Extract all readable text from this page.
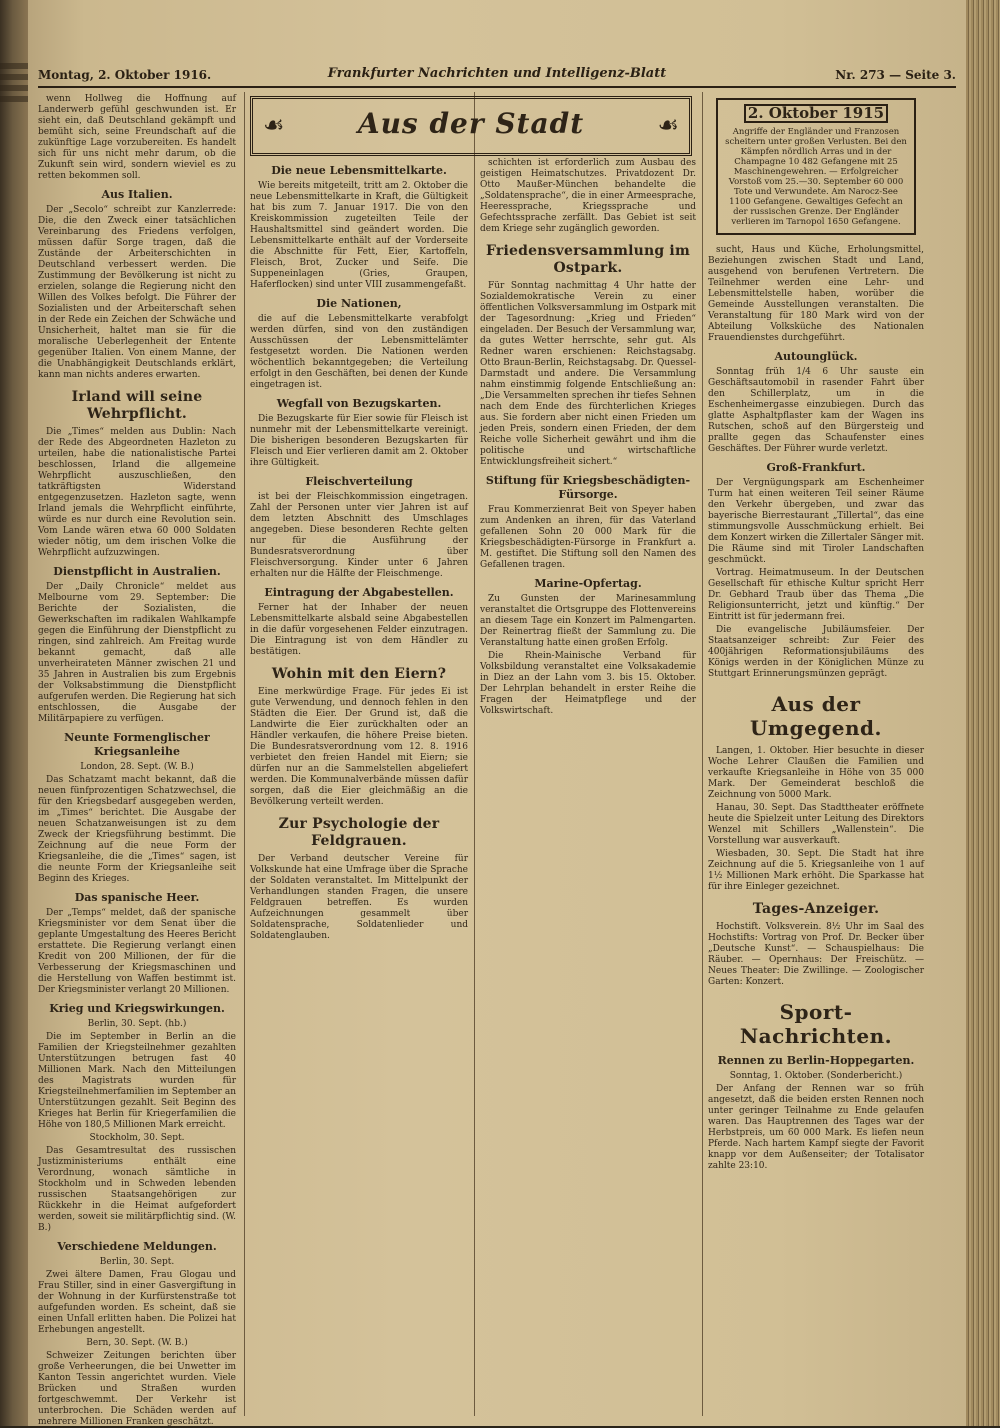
Montag, 2. Oktober 1916.	Frankfurter Nachrichten und Intelligenz-Blatt	Nr. 273 — Seite 3.

wenn Hollweg die Hoffnung auf Landerwerb gefühl geschwunden ist. Er sieht ein, daß Deutschland gekämpft und bemüht sich, seine Freundschaft auf die zukünftige Lage vorzubereiten. Es handelt sich für uns nicht mehr darum, ob die Zukunft sein wird, sondern wieviel es zu retten bekommen soll.

Aus Italien.

Der „Secolo“ schreibt zur Kanzlerrede: Die, die den Zweck einer tatsächlichen Vereinbarung des Friedens verfolgen, müssen dafür Sorge tragen, daß die Zustände der Arbeiterschichten in Deutschland verbessert werden. Die Zustimmung der Bevölkerung ist nicht zu erzielen, solange die Regierung nicht den Willen des Volkes befolgt. Die Führer der Sozialisten und der Arbeiterschaft sehen in der Rede ein Zeichen der Schwäche und Unsicherheit, haltet man sie für die moralische Ueberlegenheit der Entente gegenüber Italien. Von einem Manne, der die Unabhängigkeit Deutschlands erklärt, kann man nichts anderes erwarten.

Irland will seine Wehrpflicht.

Die „Times“ melden aus Dublin: Nach der Rede des Abgeordneten Hazleton zu urteilen, habe die nationalistische Partei beschlossen, Irland die allgemeine Wehrpflicht auszuschließen, den tatkräftigsten Widerstand entgegenzusetzen. Hazleton sagte, wenn Irland jemals die Wehrpflicht einführte, würde es nur durch eine Revolution sein. Vom Lande wären etwa 60 000 Soldaten wieder nötig, um dem irischen Volke die Wehrpflicht aufzuzwingen.

Dienstpflicht in Australien.

Der „Daily Chronicle“ meldet aus Melbourne vom 29. September: Die Berichte der Sozialisten, die Gewerkschaften im radikalen Wahlkampfe gegen die Einführung der Dienstpflicht zu ringen, sind zahlreich. Am Freitag wurde bekannt gemacht, daß alle unverheirateten Männer zwischen 21 und 35 Jahren in Australien bis zum Ergebnis der Volksabstimmung die Dienstpflicht aufgerufen werden. Die Regierung hat sich entschlossen, die Ausgabe der Militärpapiere zu verfügen.

Neunte Formenglischer Kriegsanleihe
London, 28. Sept. (W. B.)

Das Schatzamt macht bekannt, daß die neuen fünfprozentigen Schatzwechsel, die für den Kriegsbedarf ausgegeben werden, im „Times“ berichtet. Die Ausgabe der neuen Schatzanweisungen ist zu dem Zweck der Kriegsführung bestimmt. Die Zeichnung auf die neue Form der Kriegsanleihe, die die „Times“ sagen, ist die neunte Form der Kriegsanleihe seit Beginn des Krieges.

Das spanische Heer.

Der „Temps“ meldet, daß der spanische Kriegsminister vor dem Senat über die geplante Umgestaltung des Heeres Bericht erstattete. Die Regierung verlangt einen Kredit von 200 Millionen, der für die Verbesserung der Kriegsmaschinen und die Herstellung von Waffen bestimmt ist. Der Kriegsminister verlangt 20 Millionen.

Krieg und Kriegswirkungen.
Berlin, 30. Sept. (hb.)

Die im September in Berlin an die Familien der Kriegsteilnehmer gezahlten Unterstützungen betrugen fast 40 Millionen Mark. Nach den Mitteilungen des Magistrats wurden für Kriegsteilnehmerfamilien im September an Unterstützungen gezahlt. Seit Beginn des Krieges hat Berlin für Kriegerfamilien die Höhe von 180,5 Millionen Mark erreicht.

Stockholm, 30. Sept.

Das Gesamtresultat des russischen Justizministeriums enthält eine Verordnung, wonach sämtliche in Stockholm und in Schweden lebenden russischen Staatsangehörigen zur Rückkehr in die Heimat aufgefordert werden, soweit sie militärpflichtig sind. (W. B.)

Verschiedene Meldungen.
Berlin, 30. Sept.

Zwei ältere Damen, Frau Glogau und Frau Stiller, sind in einer Gasvergiftung in der Wohnung in der Kurfürstenstraße tot aufgefunden worden. Es scheint, daß sie einen Unfall erlitten haben. Die Polizei hat Erhebungen angestellt.

Bern, 30. Sept. (W. B.)

Schweizer Zeitungen berichten über große Verheerungen, die bei Unwetter im Kanton Tessin angerichtet wurden. Viele Brücken und Straßen wurden fortgeschwemmt. Der Verkehr ist unterbrochen. Die Schäden werden auf mehrere Millionen Franken geschätzt.

☙	Aus der Stadt	☙
Die neue Lebensmittelkarte.

Wie bereits mitgeteilt, tritt am 2. Oktober die neue Lebensmittelkarte in Kraft, die Gültigkeit hat bis zum 7. Januar 1917. Die von den Kreiskommission zugeteilten Teile der Haushaltsmittel sind geändert worden. Die Lebensmittelkarte enthält auf der Vorderseite die Abschnitte für Fett, Eier, Kartoffeln, Fleisch, Brot, Zucker und Seife. Die Suppeneinlagen (Gries, Graupen, Haferflocken) sind unter VIII zusammengefaßt.

Die Nationen,

die auf die Lebensmittelkarte verabfolgt werden dürfen, sind von den zuständigen Ausschüssen der Lebensmittelämter festgesetzt worden. Die Nationen werden wöchentlich bekanntgegeben; die Verteilung erfolgt in den Geschäften, bei denen der Kunde eingetragen ist.

Wegfall von Bezugskarten.

Die Bezugskarte für Eier sowie für Fleisch ist nunmehr mit der Lebensmittelkarte vereinigt. Die bisherigen besonderen Bezugskarten für Fleisch und Eier verlieren damit am 2. Oktober ihre Gültigkeit.

Fleischverteilung

ist bei der Fleischkommission eingetragen. Zahl der Personen unter vier Jahren ist auf dem letzten Abschnitt des Umschlages angegeben. Diese besonderen Rechte gelten nur für die Ausführung der Bundesratsverordnung über Fleischversorgung. Kinder unter 6 Jahren erhalten nur die Hälfte der Fleischmenge.

Eintragung der Abgabestellen.

Ferner hat der Inhaber der neuen Lebensmittelkarte alsbald seine Abgabestellen in die dafür vorgesehenen Felder einzutragen. Die Eintragung ist von dem Händler zu bestätigen.

Wohin mit den Eiern?

Eine merkwürdige Frage. Für jedes Ei ist gute Verwendung, und dennoch fehlen in den Städten die Eier. Der Grund ist, daß die Landwirte die Eier zurückhalten oder an Händler verkaufen, die höhere Preise bieten. Die Bundesratsverordnung vom 12. 8. 1916 verbietet den freien Handel mit Eiern; sie dürfen nur an die Sammelstellen abgeliefert werden. Die Kommunalverbände müssen dafür sorgen, daß die Eier gleichmäßig an die Bevölkerung verteilt werden.

Zur Psychologie der Feldgrauen.

Der Verband deutscher Vereine für Volkskunde hat eine Umfrage über die Sprache der Soldaten veranstaltet. Im Mittelpunkt der Verhandlungen standen Fragen, die unsere Feldgrauen betreffen. Es wurden Aufzeichnungen gesammelt über Soldatensprache, Soldatenlieder und Soldatenglauben.

schichten ist erforderlich zum Ausbau des geistigen Heimatschutzes. Privatdozent Dr. Otto Maußer-München behandelte die „Soldatensprache“, die in einer Armeesprache, Heeressprache, Kriegssprache und Gefechtssprache zerfällt. Das Gebiet ist seit dem Kriege sehr zugänglich geworden.

Friedensversammlung im Ostpark.

Für Sonntag nachmittag 4 Uhr hatte der Sozialdemokratische Verein zu einer öffentlichen Volksversammlung im Ostpark mit der Tagesordnung: „Krieg und Frieden“ eingeladen. Der Besuch der Versammlung war, da gutes Wetter herrschte, sehr gut. Als Redner waren erschienen: Reichstagsabg. Otto Braun-Berlin, Reichstagsabg. Dr. Quessel-Darmstadt und andere. Die Versammlung nahm einstimmig folgende Entschließung an: „Die Versammelten sprechen ihr tiefes Sehnen nach dem Ende des fürchterlichen Krieges aus. Sie fordern aber nicht einen Frieden um jeden Preis, sondern einen Frieden, der dem Reiche volle Sicherheit gewährt und ihm die politische und wirtschaftliche Entwicklungsfreiheit sichert.“

Stiftung für Kriegsbeschädigten-Fürsorge.

Frau Kommerzienrat Beit von Speyer haben zum Andenken an ihren, für das Vaterland gefallenen Sohn 20 000 Mark für die Kriegsbeschädigten-Fürsorge in Frankfurt a. M. gestiftet. Die Stiftung soll den Namen des Gefallenen tragen.

Marine-Opfertag.

Zu Gunsten der Marinesammlung veranstaltet die Ortsgruppe des Flottenvereins an diesem Tage ein Konzert im Palmengarten. Der Reinertrag fließt der Sammlung zu. Die Veranstaltung hatte einen großen Erfolg.

Die Rhein-Mainische Verband für Volksbildung veranstaltet eine Volksakademie in Diez an der Lahn vom 3. bis 15. Oktober. Der Lehrplan behandelt in erster Reihe die Fragen der Heimatpflege und der Volkswirtschaft.

2. Oktober 1915
Angriffe der Engländer und Franzosen scheitern unter großen Verlusten. Bei den Kämpfen nördlich Arras und in der Champagne 10 482 Gefangene mit 25 Maschinengewehren. — Erfolgreicher Vorstoß vom 25.—30. September 60 000 Tote und Verwundete. Am Narocz-See 1100 Gefangene. Gewaltiges Gefecht an der russischen Grenze. Der Engländer verlieren im Tarnopol 1650 Gefangene.

sucht, Haus und Küche, Erholungsmittel, Beziehungen zwischen Stadt und Land, ausgehend von berufenen Vertretern. Die Teilnehmer werden eine Lehr- und Lebensmittelstelle haben, worüber die Gemeinde Ausstellungen veranstalten. Die Veranstaltung für 180 Mark wird von der Abteilung Volksküche des Nationalen Frauendienstes durchgeführt.

Autounglück.

Sonntag früh 1/4 6 Uhr sauste ein Geschäftsautomobil in rasender Fahrt über den Schillerplatz, um in die Eschenheimergasse einzubiegen. Durch das glatte Asphaltpflaster kam der Wagen ins Rutschen, schoß auf den Bürgersteig und prallte gegen das Schaufenster eines Geschäftes. Der Führer wurde verletzt.

Groß-Frankfurt.

Der Vergnügungspark am Eschenheimer Turm hat einen weiteren Teil seiner Räume den Verkehr übergeben, und zwar das bayerische Bierrestaurant „Tillertal“, das eine stimmungsvolle Ausschmückung erhielt. Bei dem Konzert wirken die Zillertaler Sänger mit. Die Räume sind mit Tiroler Landschaften geschmückt.

Vortrag. Heimatmuseum. In der Deutschen Gesellschaft für ethische Kultur spricht Herr Dr. Gebhard Traub über das Thema „Die Religionsunterricht, jetzt und künftig.“ Der Eintritt ist für jedermann frei.

Die evangelische Jubiläumsfeier. Der Staatsanzeiger schreibt: Zur Feier des 400jährigen Reformationsjubiläums des Königs werden in der Königlichen Münze zu Stuttgart Erinnerungsmünzen geprägt.

Aus der Umgegend.

Langen, 1. Oktober. Hier besuchte in dieser Woche Lehrer Claußen die Familien und verkaufte Kriegsanleihe in Höhe von 35 000 Mark. Der Gemeinderat beschloß die Zeichnung von 5000 Mark.

Hanau, 30. Sept. Das Stadttheater eröffnete heute die Spielzeit unter Leitung des Direktors Wenzel mit Schillers „Wallenstein“. Die Vorstellung war ausverkauft.

Wiesbaden, 30. Sept. Die Stadt hat ihre Zeichnung auf die 5. Kriegsanleihe von 1 auf 1½ Millionen Mark erhöht. Die Sparkasse hat für ihre Einleger gezeichnet.

Tages-Anzeiger.

Hochstift. Volksverein. 8½ Uhr im Saal des Hochstifts: Vortrag von Prof. Dr. Becker über „Deutsche Kunst“. — Schauspielhaus: Die Räuber. — Opernhaus: Der Freischütz. — Neues Theater: Die Zwillinge. — Zoologischer Garten: Konzert.

Sport-Nachrichten.
Rennen zu Berlin-Hoppegarten.
Sonntag, 1. Oktober. (Sonderbericht.)

Der Anfang der Rennen war so früh angesetzt, daß die beiden ersten Rennen noch unter geringer Teilnahme zu Ende gelaufen waren. Das Hauptrennen des Tages war der Herbstpreis, um 60 000 Mark. Es liefen neun Pferde. Nach hartem Kampf siegte der Favorit knapp vor dem Außenseiter; der Totalisator zahlte 23:10.
